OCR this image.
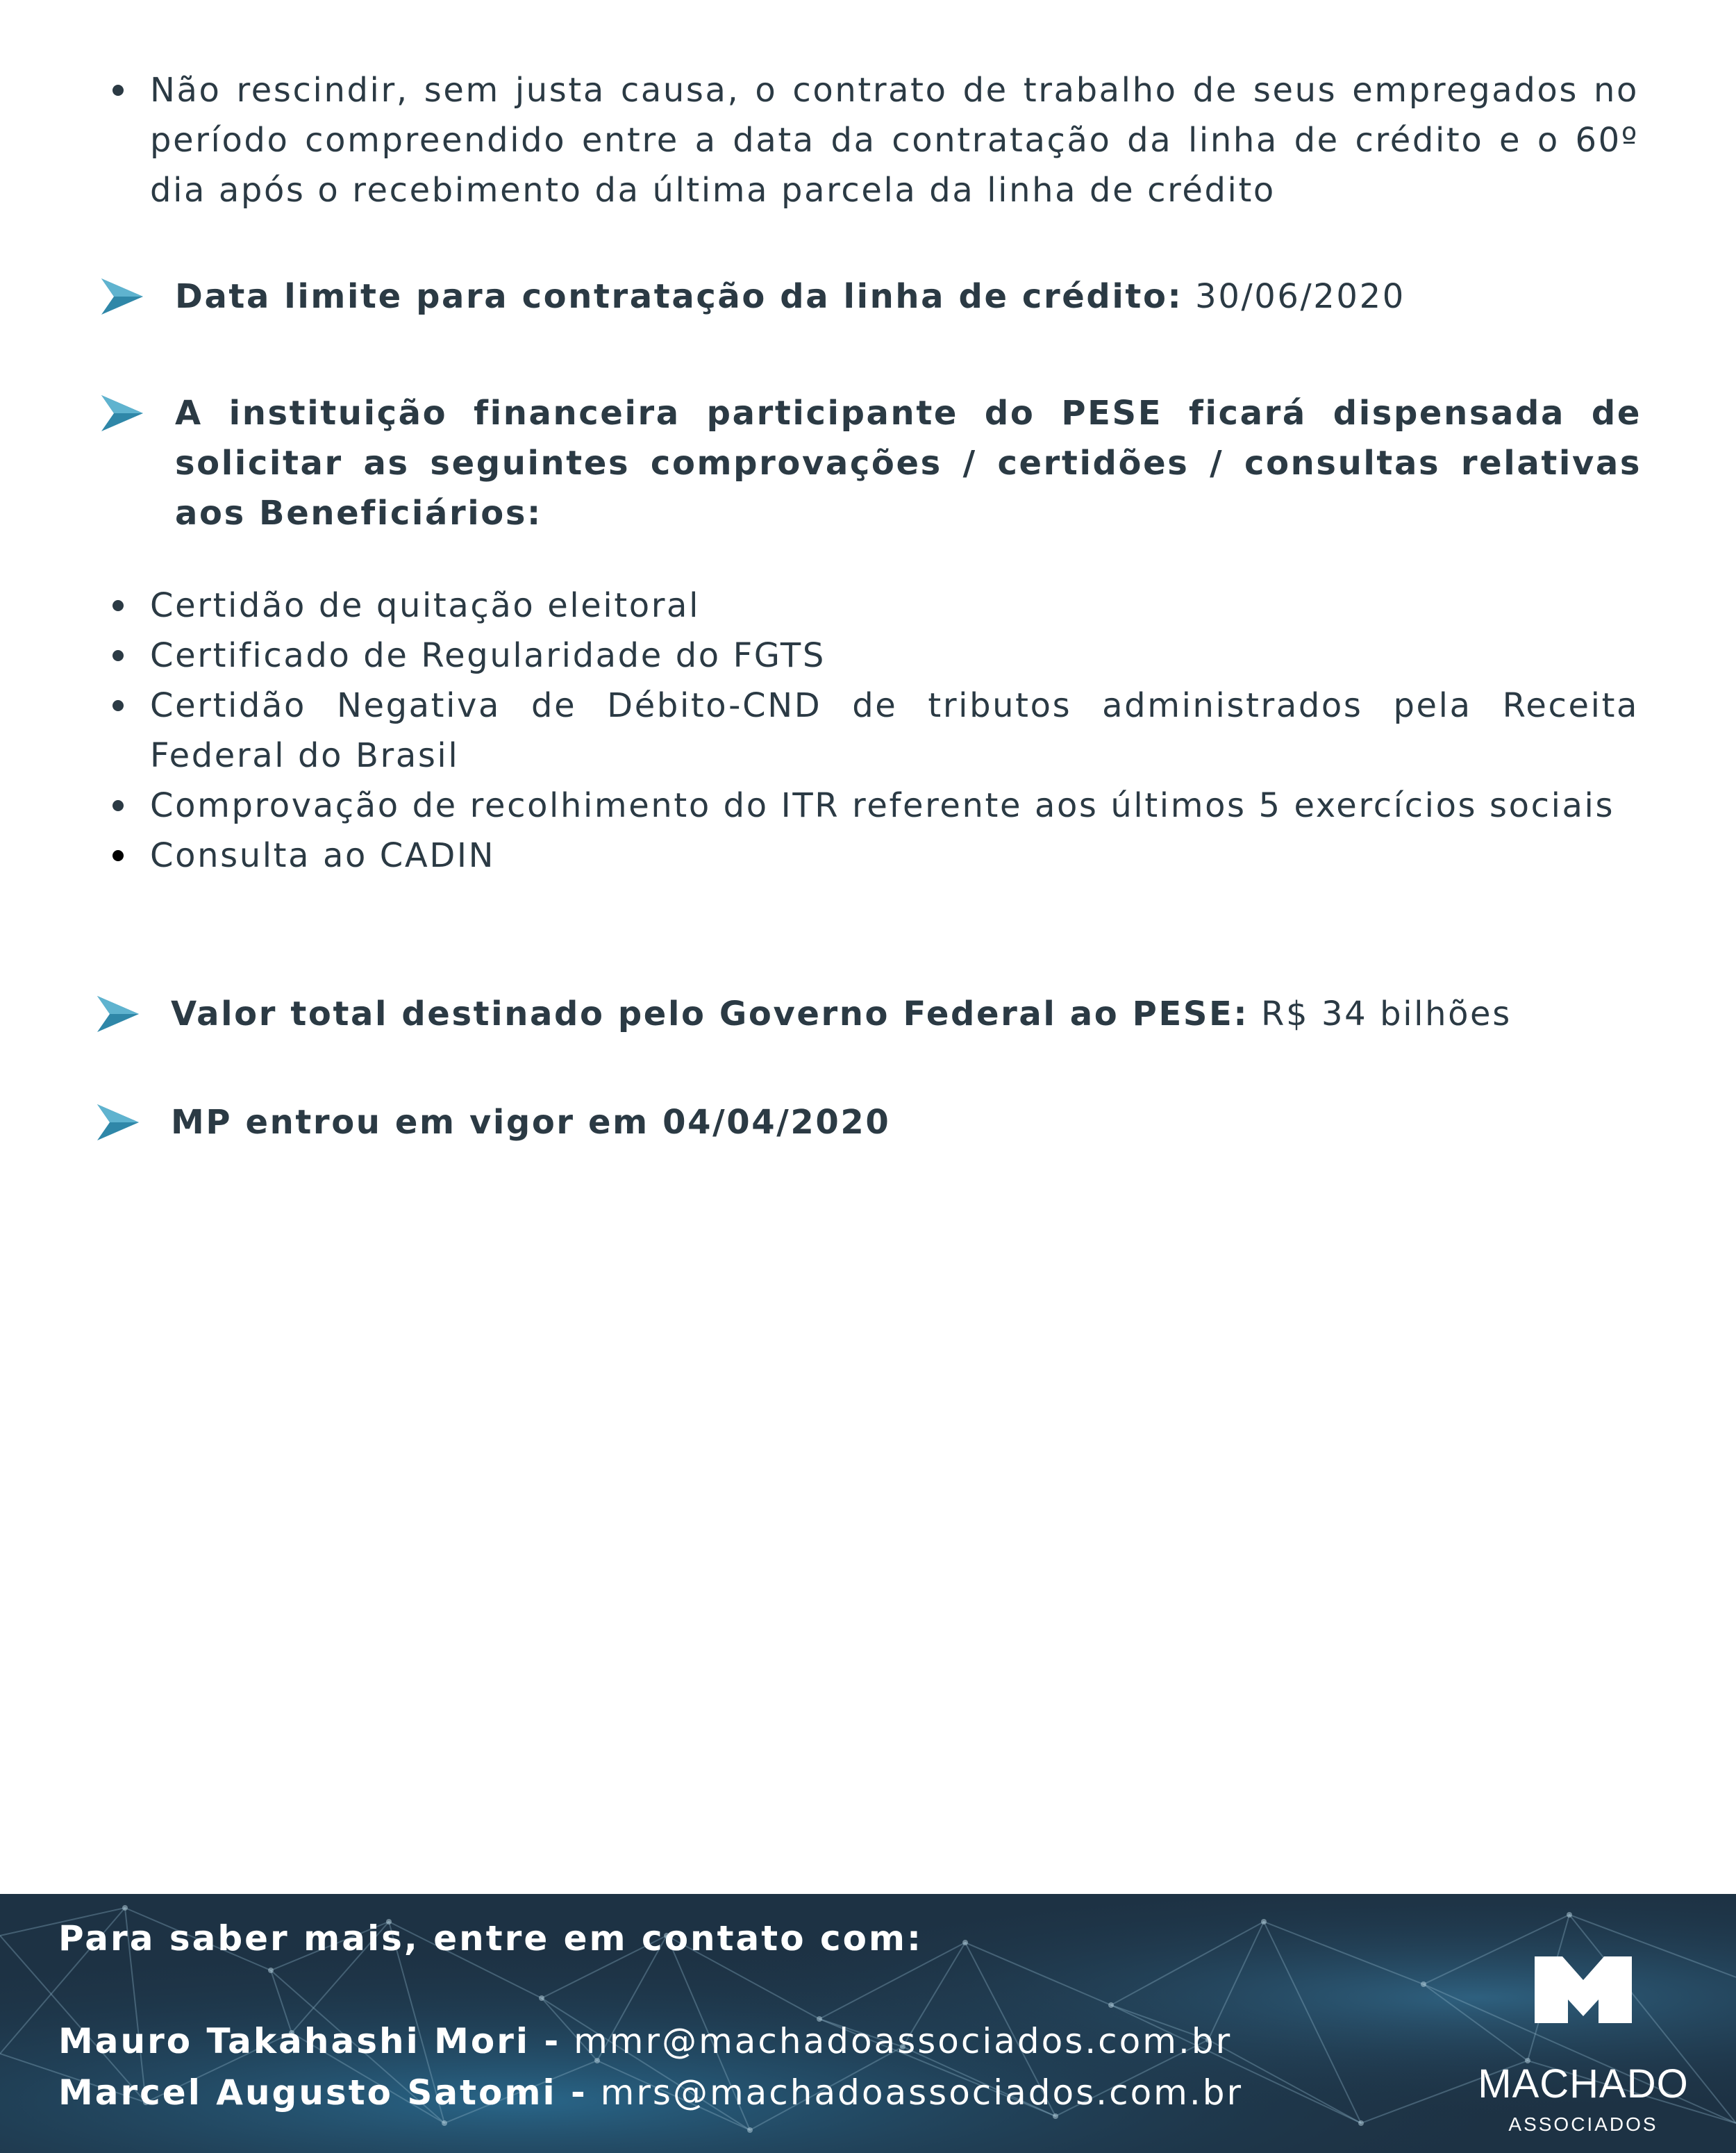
Não rescindir, sem justa causa, o contrato de trabalho de seus empregados no período compreendido entre a data da contratação da linha de crédito e o 60º dia após o recebimento da última parcela da linha de crédito
Data limite para contratação da linha de crédito: 30/06/2020
A instituição financeira participante do PESE ficará dispensada de solicitar as seguintes comprovações / certidões / consultas relativas aos Beneficiários:
Certidão de quitação eleitoral
Certificado de Regularidade do FGTS
Certidão Negativa de Débito-CND de tributos administrados pela Receita Federal do Brasil
Comprovação de recolhimento do ITR referente aos últimos 5 exercícios sociais
Consulta ao CADIN
Valor total destinado pelo Governo Federal ao PESE: R$ 34 bilhões
MP entrou em vigor em 04/04/2020
Para saber mais, entre em contato com:
Mauro Takahashi Mori - mmr@machadoassociados.com.br
Marcel Augusto Satomi - mrs@machadoassociados.com.br	MACHADO
ASSOCIADOS
